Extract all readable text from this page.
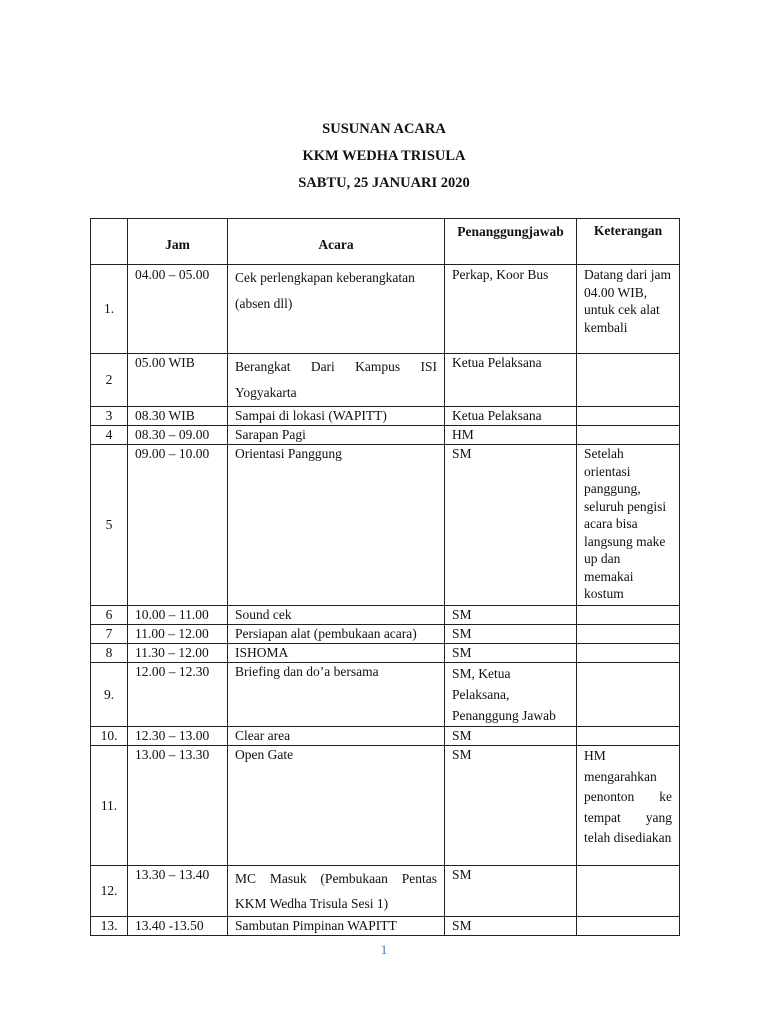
SUSUNAN ACARA
KKM WEDHA TRISULA
SABTU, 25 JANUARI 2020
	Jam	Acara	Penanggungjawab	Keterangan
1.	04.00 – 05.00	Cek perlengkapan keberangkatan (absen dll)	Perkap, Koor Bus	Datang dari jam 04.00 WIB, untuk cek alat kembali
2	05.00 WIB	Berangkat Dari Kampus ISI Yogyakarta	Ketua Pelaksana	
3	08.30 WIB	Sampai di lokasi (WAPITT)	Ketua Pelaksana	
4	08.30 – 09.00	Sarapan Pagi	HM	
5	09.00 – 10.00	Orientasi Panggung	SM	Setelah orientasi panggung, seluruh pengisi acara bisa langsung make up dan memakai kostum
6	10.00 – 11.00	Sound cek	SM	
7	11.00 – 12.00	Persiapan alat (pembukaan acara)	SM	
8	11.30 – 12.00	ISHOMA	SM	
9.	12.00 – 12.30	Briefing dan do’a bersama	SM, Ketua Pelaksana, Penanggung Jawab	
10.	12.30 – 13.00	Clear area	SM	
11.	13.00 – 13.30	Open Gate	SM	HM mengarahkan penonton ke tempat yang telah disediakan
12.	13.30 – 13.40	MC Masuk (Pembukaan Pentas KKM Wedha Trisula Sesi 1)	SM	
13.	13.40 -13.50	Sambutan Pimpinan WAPITT	SM	
1
